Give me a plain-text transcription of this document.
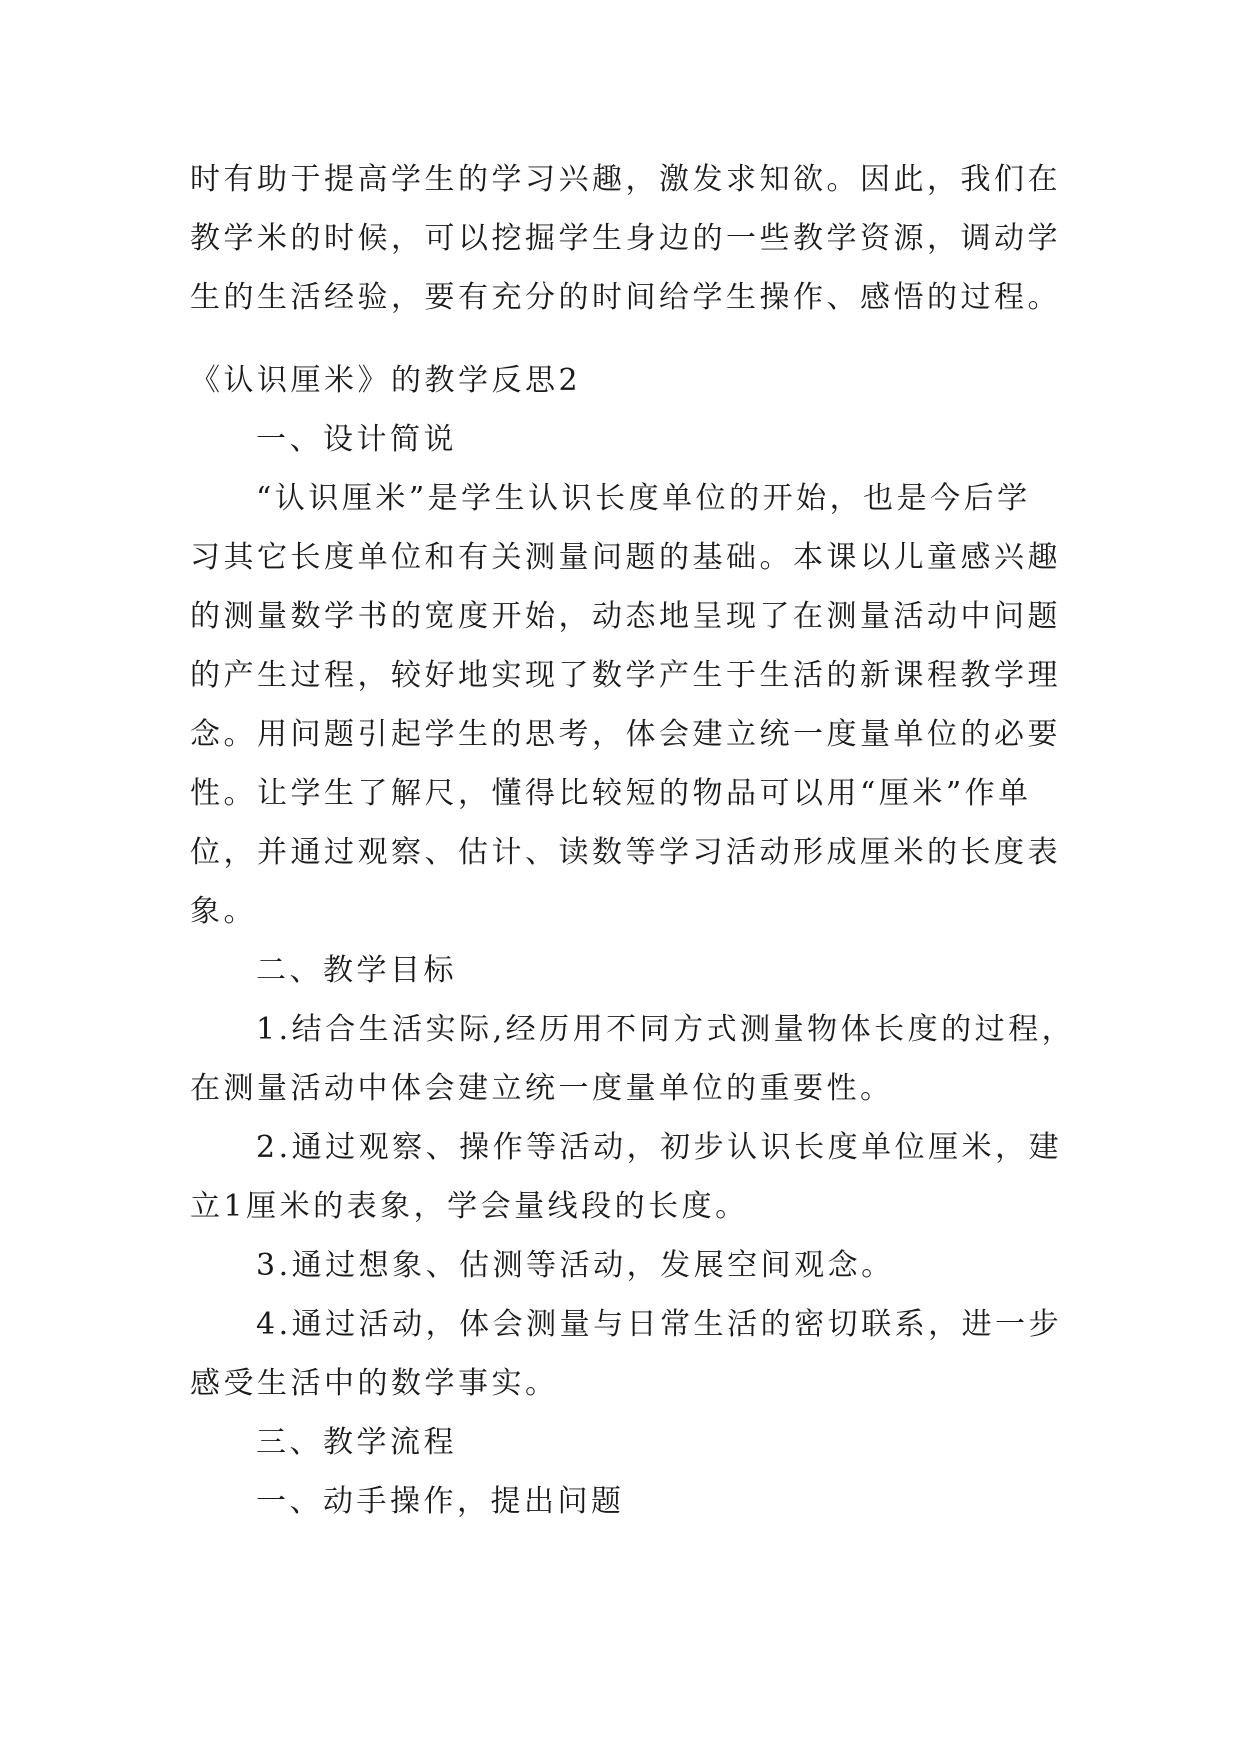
时有助于提高学生的学习兴趣，激发求知欲。因此，我们在
教学米的时候，可以挖掘学生身边的一些教学资源，调动学
生的生活经验，要有充分的时间给学生操作、感悟的过程。
《认识厘米》的教学反思2
一、设计简说
“认识厘米”是学生认识长度单位的开始，也是今后学
习其它长度单位和有关测量问题的基础。本课以儿童感兴趣
的测量数学书的宽度开始，动态地呈现了在测量活动中问题
的产生过程，较好地实现了数学产生于生活的新课程教学理
念。用问题引起学生的思考，体会建立统一度量单位的必要
性。让学生了解尺，懂得比较短的物品可以用“厘米”作单
位，并通过观察、估计、读数等学习活动形成厘米的长度表
象。
二、教学目标
1.结合生活实际,经历用不同方式测量物体长度的过程，
在测量活动中体会建立统一度量单位的重要性。
2.通过观察、操作等活动，初步认识长度单位厘米，建
立1厘米的表象，学会量线段的长度。
3.通过想象、估测等活动，发展空间观念。
4.通过活动，体会测量与日常生活的密切联系，进一步
感受生活中的数学事实。
三、教学流程
一、动手操作，提出问题
